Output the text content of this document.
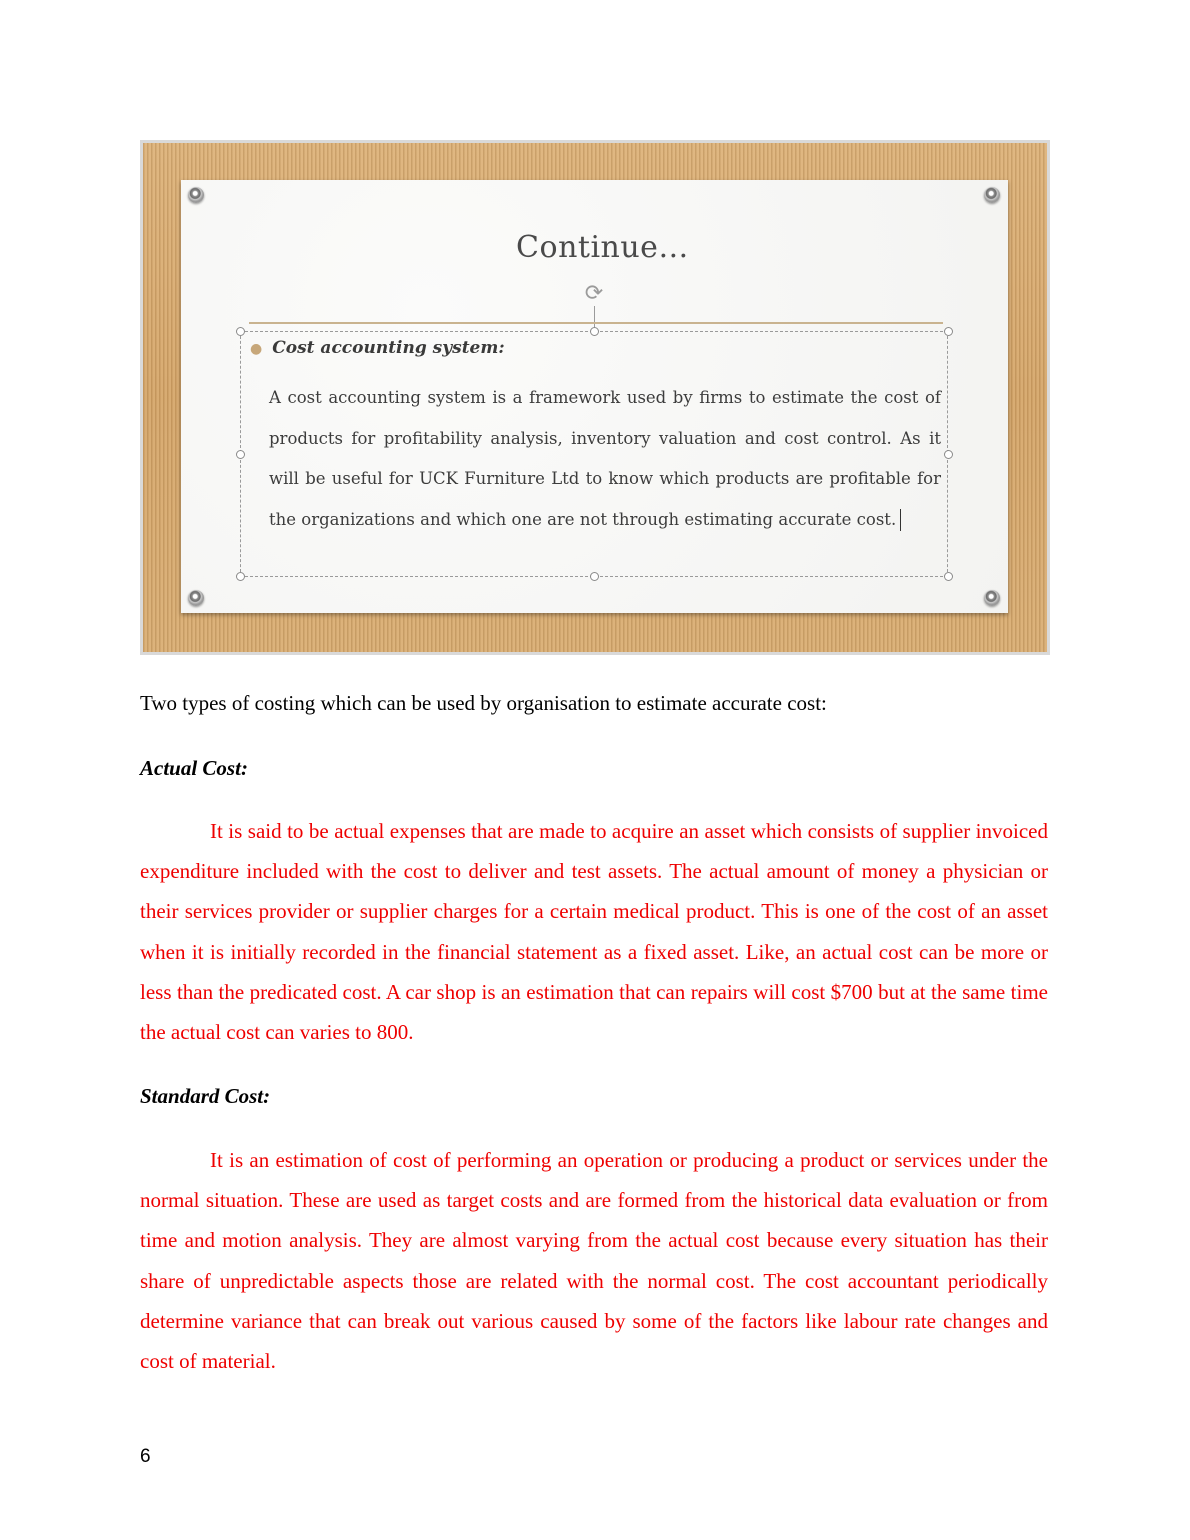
Continue…
⟳
● Cost accounting system:
A cost accounting system is a framework used by firms to estimate the cost of products for profitability analysis, inventory valuation and cost control. As it will be useful for UCK Furniture Ltd to know which products are profitable for the organizations and which one are not through estimating accurate cost.
Two types of costing which can be used by organisation to estimate accurate cost:
Actual Cost:
It is said to be actual expenses that are made to acquire an asset which consists of supplier invoiced expenditure included with the cost to deliver and test assets. The actual amount of money a physician or their services provider or supplier charges for a certain medical product. This is one of the cost of an asset when it is initially recorded in the financial statement as a fixed asset. Like, an actual cost can be more or less than the predicated cost. A car shop is an estimation that can repairs will cost $700 but at the same time the actual cost can varies to 800.
Standard Cost:
It is an estimation of cost of performing an operation or producing a product or services under the normal situation. These are used as target costs and are formed from the historical data evaluation or from time and motion analysis. They are almost varying from the actual cost because every situation has their share of unpredictable aspects those are related with the normal cost. The cost accountant periodically determine variance that can break out various caused by some of the factors like labour rate changes and cost of material.
6
